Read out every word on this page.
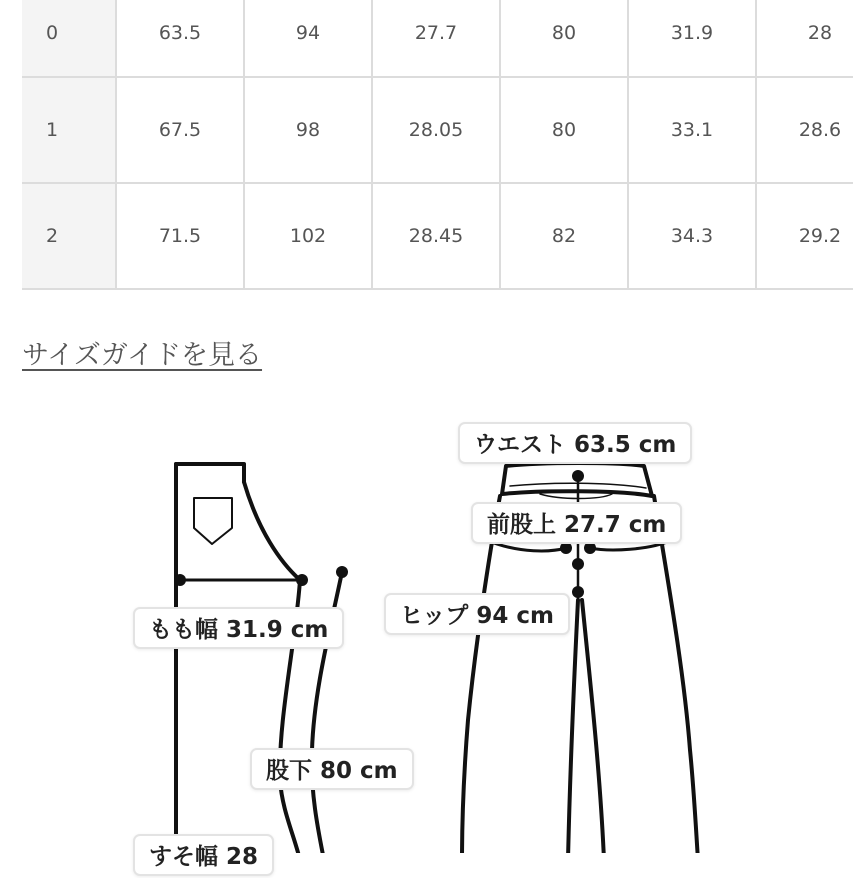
0	63.5	94	27.7	80	31.9	28
1	67.5	98	28.05	80	33.1	28.6
2	71.5	102	28.45	82	34.3	29.2
サイズガイドを見る
ウエスト 63.5 cm
前股上 27.7 cm
ヒップ 94 cm
もも幅 31.9 cm
股下 80 cm
すそ幅 28
